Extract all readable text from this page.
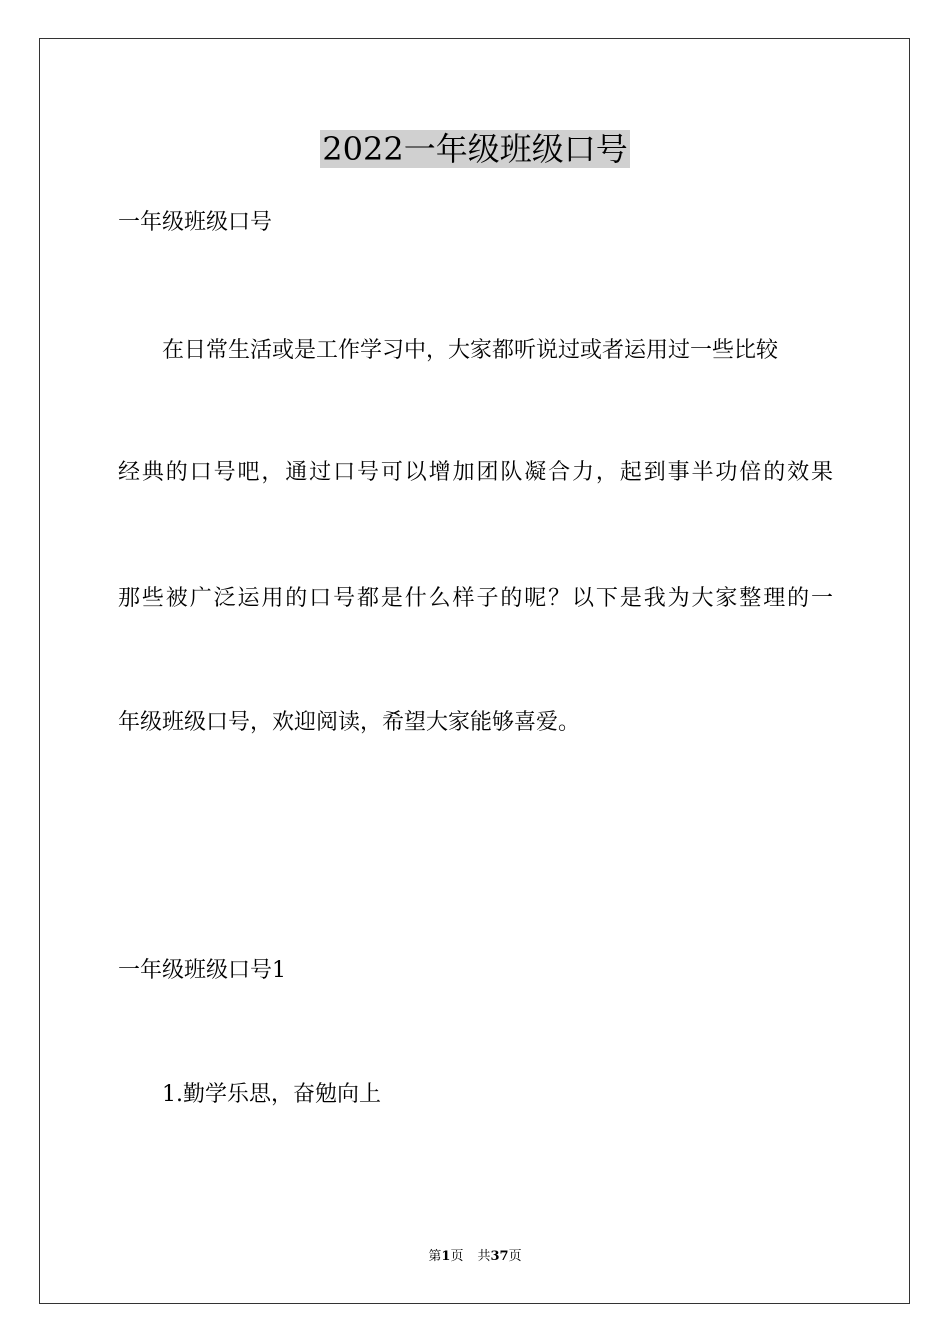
2022一年级班级口号
一年级班级口号
在日常生活或是工作学习中，大家都听说过或者运用过一些比较
经典的口号吧，通过口号可以增加团队凝合力，起到事半功倍的效果
那些被广泛运用的口号都是什么样子的呢？以下是我为大家整理的一
年级班级口号，欢迎阅读，希望大家能够喜爱。
一年级班级口号1
1.勤学乐思，奋勉向上
第1页 共37页
